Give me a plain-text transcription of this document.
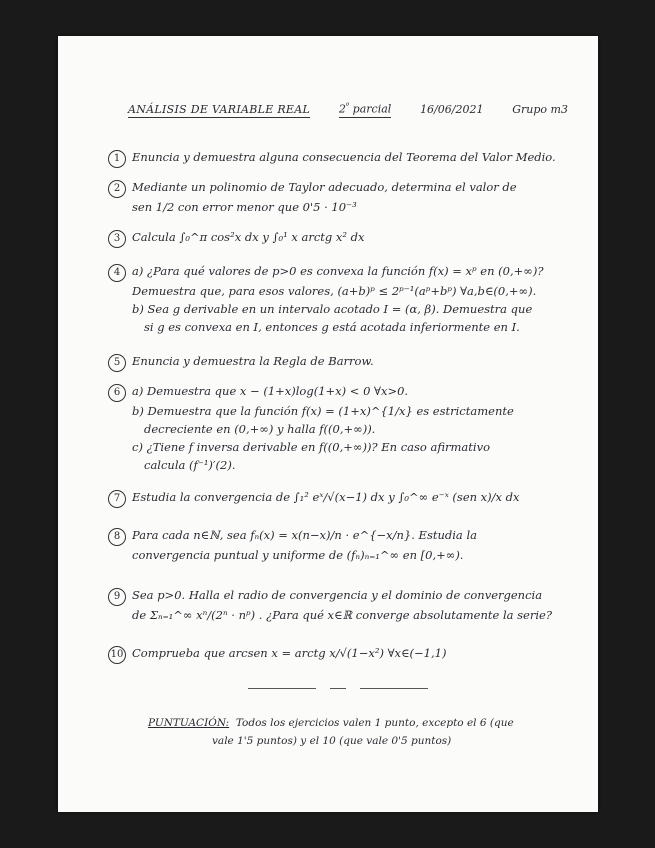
ANÁLISIS DE VARIABLE REAL	$2^º$ parcial	16/06/2021	Grupo m3
1 Enuncia y demuestra alguna consecuencia del Teorema del Valor Medio.
2 Mediante un polinomio de Taylor adecuado, determina el valor de
sen 1/2 con error menor que 0'5 · 10⁻³
3 Calcula ∫₀^π cos²x dx y ∫₀¹ x arctg x² dx
4 a) ¿Para qué valores de p>0 es convexa la función f(x) = xᵖ en (0,+∞)?
Demuestra que, para esos valores, (a+b)ᵖ ≤ 2ᵖ⁻¹(aᵖ+bᵖ) ∀a,b∈(0,+∞).
b) Sea g derivable en un intervalo acotado I = (α, β). Demuestra que
si g es convexa en I, entonces g está acotada inferiormente en I.
5 Enuncia y demuestra la Regla de Barrow.
6 a) Demuestra que x − (1+x)log(1+x) < 0 ∀x>0.
b) Demuestra que la función f(x) = (1+x)^{1/x} es estrictamente
decreciente en (0,+∞) y halla f((0,+∞)).
c) ¿Tiene f inversa derivable en f((0,+∞))? En caso afirmativo
calcula (f⁻¹)′(2).
7 Estudia la convergencia de ∫₁² eˣ/√(x−1) dx y ∫₀^∞ e⁻ˣ (sen x)/x dx
8 Para cada n∈ℕ, sea fₙ(x) = x(n−x)/n · e^{−x/n}. Estudia la
convergencia puntual y uniforme de (fₙ)ₙ₌₁^∞ en [0,+∞).
9 Sea p>0. Halla el radio de convergencia y el dominio de convergencia
de Σₙ₌₁^∞ xⁿ/(2ⁿ · nᵖ) . ¿Para qué x∈ℝ converge absolutamente la serie?
10 Comprueba que arcsen x = arctg x/√(1−x²) ∀x∈(−1,1)
PUNTUACIÓN: Todos los ejercicios valen 1 punto, excepto el 6 (que
vale 1'5 puntos) y el 10 (que vale 0'5 puntos)
